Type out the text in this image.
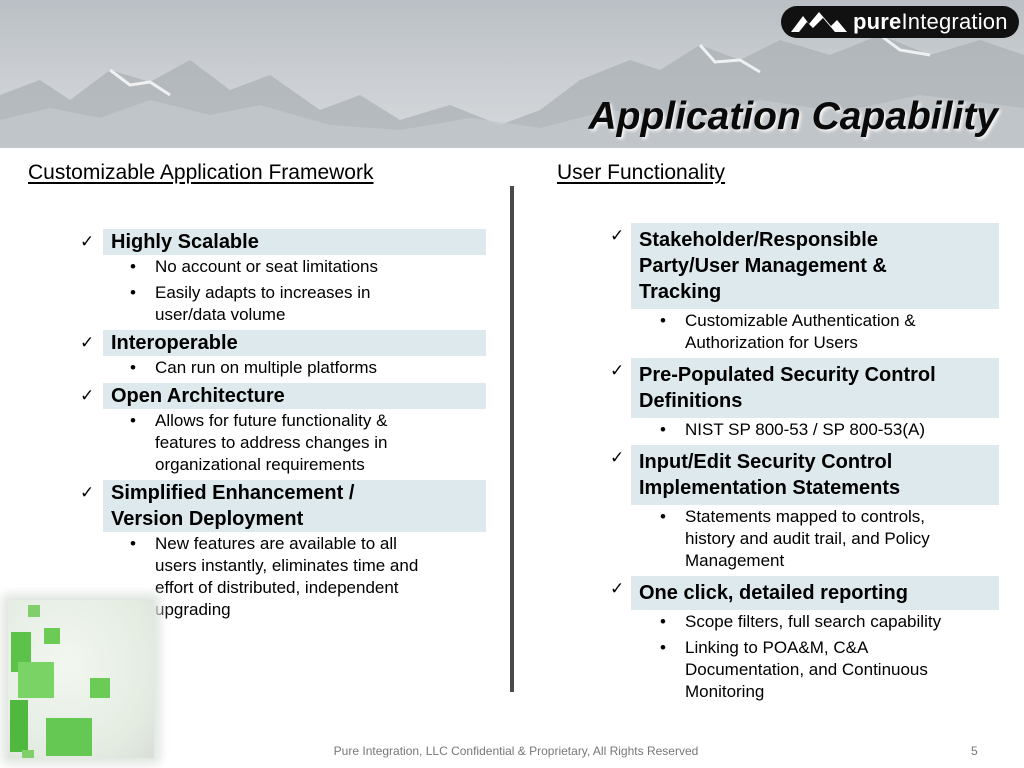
pureIntegration
Application Capability
Customizable Application Framework	User Functionality
✓ Highly Scalable
• No account or seat limitations
• Easily adapts to increases in
user/data volume
✓ Interoperable
• Can run on multiple platforms
✓ Open Architecture
• Allows for future functionality &
features to address changes in
organizational requirements
✓ Simplified Enhancement /
Version Deployment
• New features are available to all
users instantly, eliminates time and
effort of distributed, independent
upgrading
✓ Stakeholder/Responsible
Party/User Management &
Tracking
• Customizable Authentication &
Authorization for Users
✓ Pre-Populated Security Control
Definitions
• NIST SP 800-53 / SP 800-53(A)
✓ Input/Edit Security Control
Implementation Statements
• Statements mapped to controls,
history and audit trail, and Policy
Management
✓ One click, detailed reporting
• Scope filters, full search capability
• Linking to POA&M, C&A
Documentation, and Continuous
Monitoring
Pure Integration, LLC Confidential & Proprietary, All Rights Reserved	5
